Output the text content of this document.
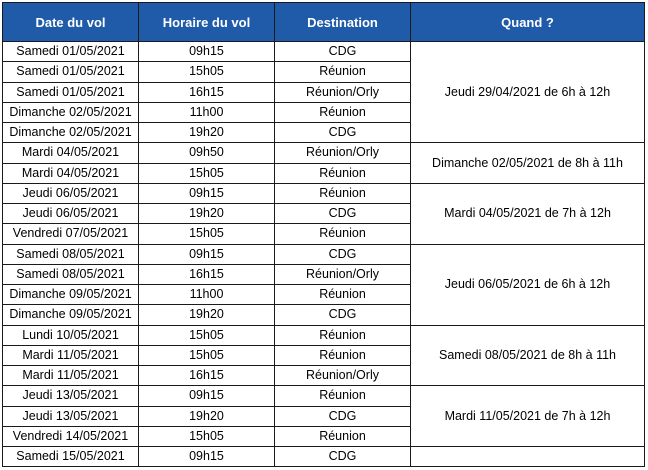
Date du vol	Horaire du vol	Destination	Quand ?
Samedi 01/05/2021	09h15	CDG	Jeudi 29/04/2021 de 6h à 12h
Samedi 01/05/2021	15h05	Réunion	
Samedi 01/05/2021	16h15	Réunion/Orly	
Dimanche 02/05/2021	11h00	Réunion	
Dimanche 02/05/2021	19h20	CDG	
Mardi 04/05/2021	09h50	Réunion/Orly	Dimanche 02/05/2021 de 8h à 11h
Mardi 04/05/2021	15h05	Réunion	
Jeudi 06/05/2021	09h15	Réunion	Mardi 04/05/2021 de 7h à 12h
Jeudi 06/05/2021	19h20	CDG	
Vendredi 07/05/2021	15h05	Réunion	
Samedi 08/05/2021	09h15	CDG	Jeudi 06/05/2021 de 6h à 12h
Samedi 08/05/2021	16h15	Réunion/Orly	
Dimanche 09/05/2021	11h00	Réunion	
Dimanche 09/05/2021	19h20	CDG	
Lundi 10/05/2021	15h05	Réunion	Samedi 08/05/2021 de 8h à 11h
Mardi 11/05/2021	15h05	Réunion	
Mardi 11/05/2021	16h15	Réunion/Orly	
Jeudi 13/05/2021	09h15	Réunion	Mardi 11/05/2021 de 7h à 12h
Jeudi 13/05/2021	19h20	CDG	
Vendredi 14/05/2021	15h05	Réunion	
Samedi 15/05/2021	09h15	CDG	
